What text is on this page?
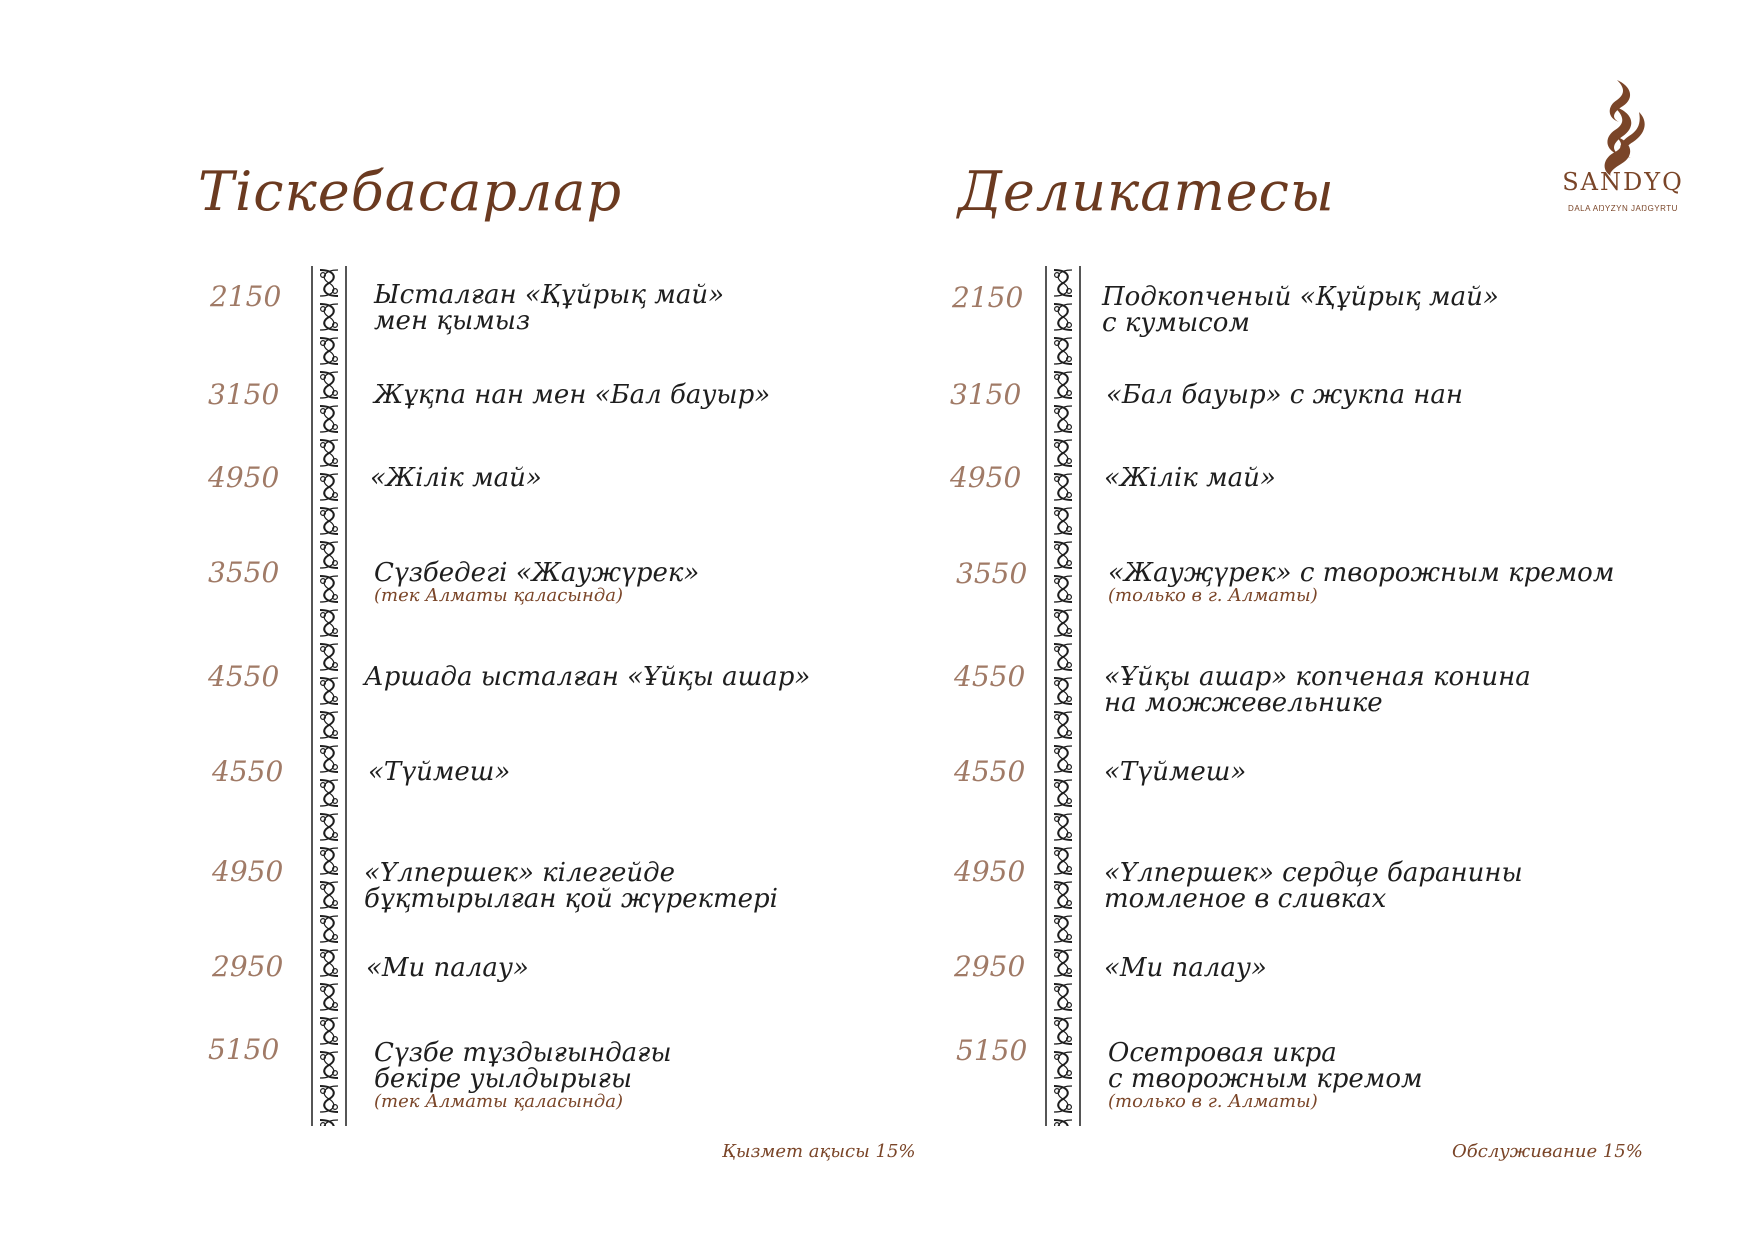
SANDYQ
DALA AŊYZYN JAŊGYRTU
Тіскебасарлар
2150	Ысталған «Құйрық май»
мен қымыз
3150	Жұқпа нан мен «Бал бауыр»
4950	«Жілік май»
3550	Сүзбедегі «Жаужүрек»
(тек Алматы қаласында)
4550	Аршада ысталған «Ұйқы ашар»
4550	«Түймеш»
4950	«Үлпершек» кілегейде
бұқтырылған қой жүректері
2950	«Ми палау»
5150	Сүзбе тұздығындағы
бекіре уылдырығы
(тек Алматы қаласында)
Қызмет ақысы 15%
Деликатесы
2150	Подкопченый «Құйрық май»
с кумысом
3150	«Бал бауыр» с жукпа нан
4950	«Жілік май»
3550	«Жауҗүрек» с творожным кремом
(только в г. Алматы)
4550	«Ұйқы ашар» копченая конина
на можжевельнике
4550	«Түймеш»
4950	«Үлпершек» сердце баранины
томленое в сливках
2950	«Ми палау»
5150	Осетровая икра
с творожным кремом
(только в г. Алматы)
Обслуживание 15%
